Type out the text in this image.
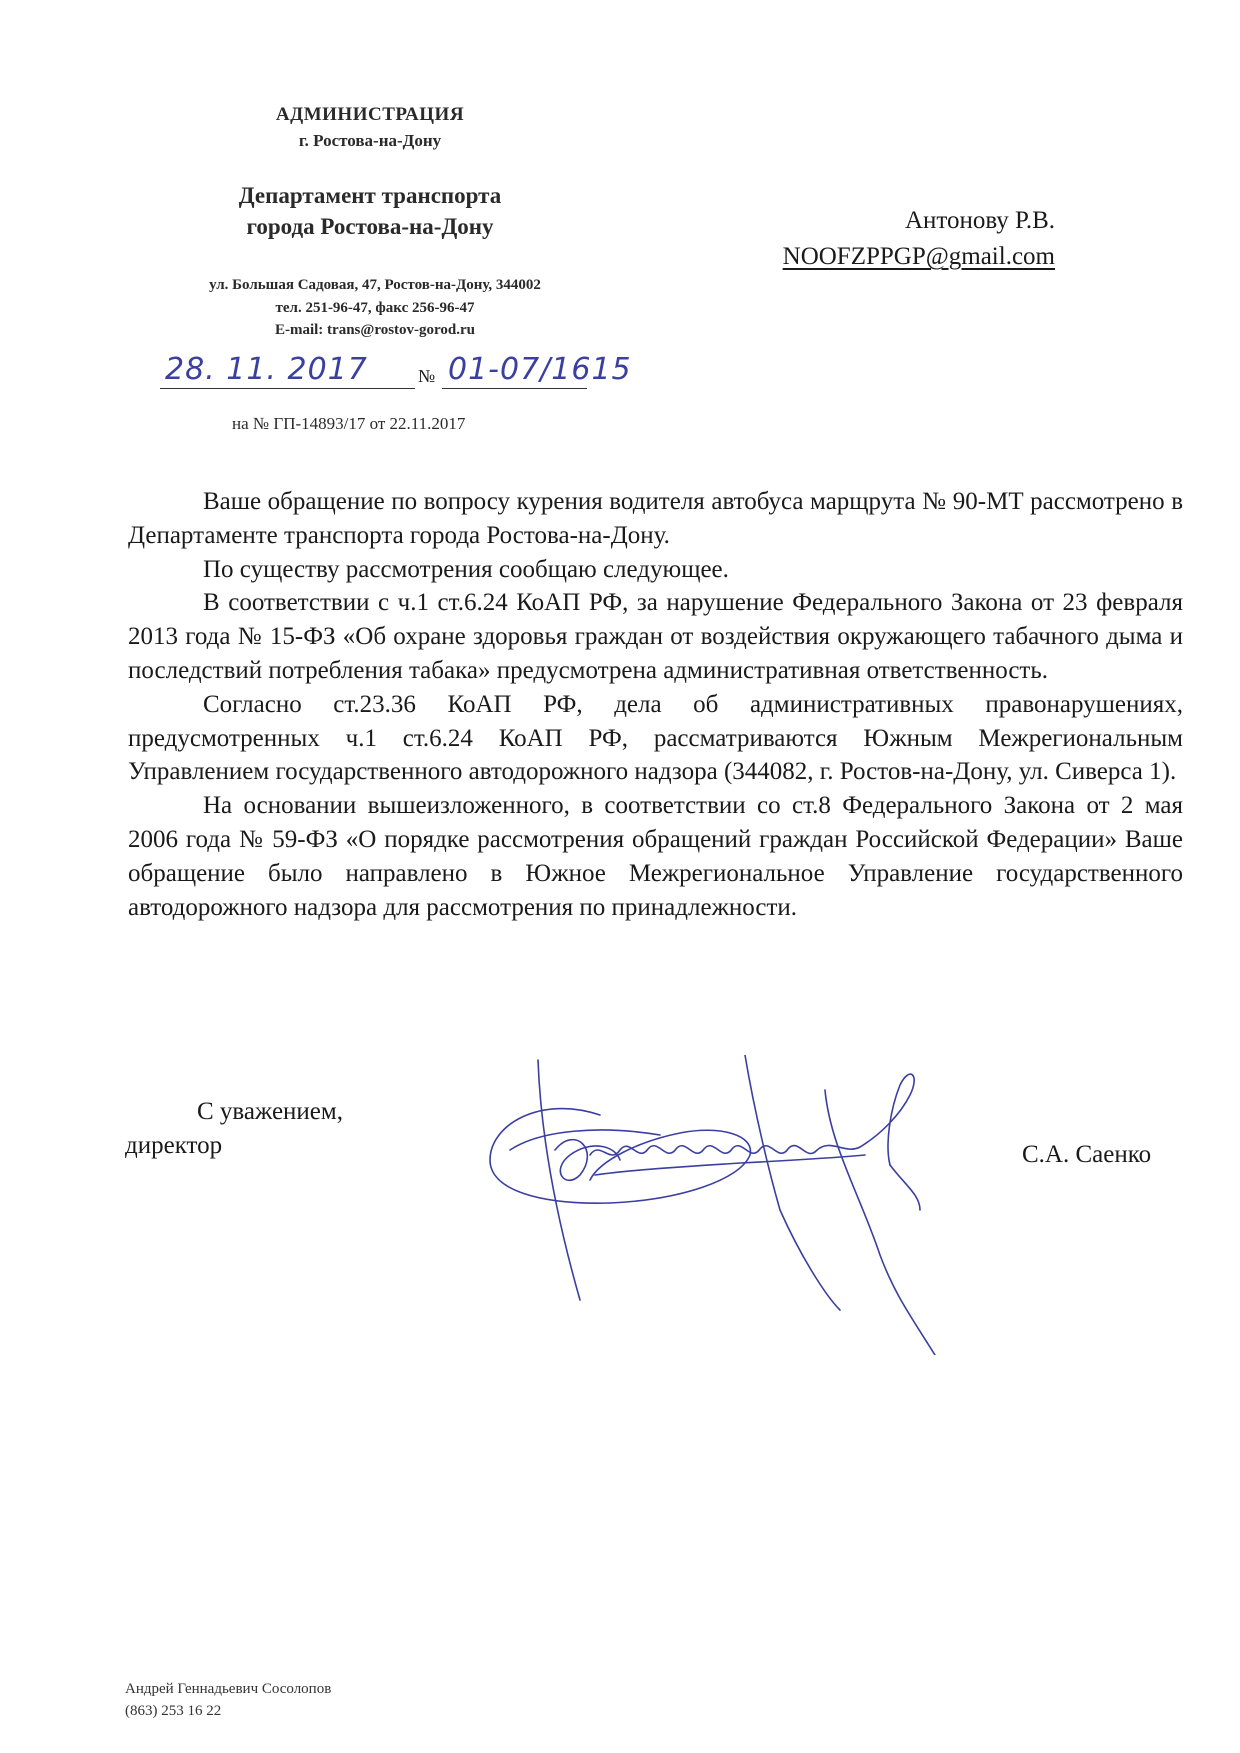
АДМИНИСТРАЦИЯ
г. Ростова-на-Дону
Департамент транспорта
города Ростова-на-Дону
ул. Большая Садовая, 47, Ростов-на-Дону, 344002
тел. 251-96-47, факс 256-96-47
E-mail: trans@rostov-gorod.ru
28. 11. 2017	№ 01-07/1615
на № ГП-14893/17 от 22.11.2017
Антонову Р.В.
NOOFZPPGP@gmail.com

Ваше обращение по вопросу курения водителя автобуса марщрута № 90-МТ рассмотрено в Департаменте транспорта города Ростова-на-Дону.

По существу рассмотрения сообщаю следующее.

В соответствии с ч.1 ст.6.24 КоАП РФ, за нарушение Федерального Закона от 23 февраля 2013 года № 15-ФЗ «Об охране здоровья граждан от воздействия окружающего табачного дыма и последствий потребления табака» предусмотрена административная ответственность.

Согласно ст.23.36 КоАП РФ, дела об административных правонарушениях, предусмотренных ч.1 ст.6.24 КоАП РФ, рассматриваются Южным Межрегиональным Управлением государственного автодорожного надзора (344082, г. Ростов-на-Дону, ул. Сиверса 1).

На основании вышеизложенного, в соответствии со ст.8 Федерального Закона от 2 мая 2006 года № 59-ФЗ «О порядке рассмотрения обращений граждан Российской Федерации» Ваше обращение было направлено в Южное Межрегиональное Управление государственного автодорожного надзора для рассмотрения по принадлежности.

С уважением,
директор	С.А. Саенко
Андрей Геннадьевич Сосолопов
(863) 253 16 22
